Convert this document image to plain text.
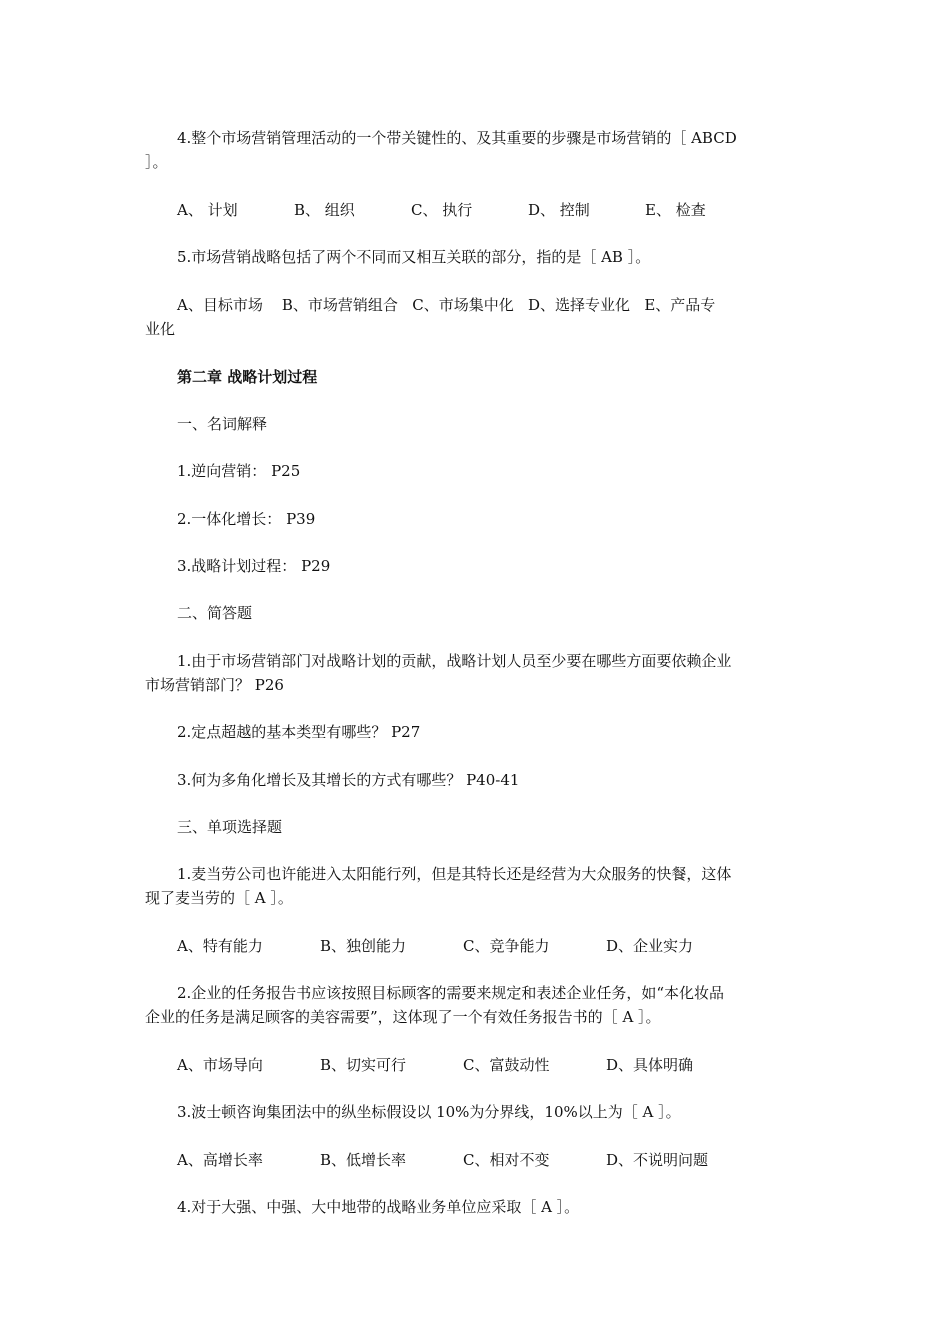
4.整个市场营销管理活动的一个带关键性的、及其重要的步骤是市场营销的［ ABCD
］。
A、 计划	B、 组织	C、 执行	D、 控制	E、 检查
5.市场营销战略包括了两个不同而又相互关联的部分，指的是［ AB ］。
A、目标市场    B、市场营销组合   C、市场集中化   D、选择专业化   E、产品专
业化
第二章 战略计划过程
一、名词解释
1.逆向营销： P25
2.一体化增长： P39
3.战略计划过程： P29
二、简答题
1.由于市场营销部门对战略计划的贡献，战略计划人员至少要在哪些方面要依赖企业
市场营销部门？ P26
2.定点超越的基本类型有哪些？ P27
3.何为多角化增长及其增长的方式有哪些？ P40-41
三、单项选择题
1.麦当劳公司也许能进入太阳能行列，但是其特长还是经营为大众服务的快餐，这体
现了麦当劳的［ A ］。
A、特有能力	B、独创能力	C、竞争能力	D、企业实力
2.企业的任务报告书应该按照目标顾客的需要来规定和表述企业任务，如“本化妆品
企业的任务是满足顾客的美容需要”，这体现了一个有效任务报告书的［ A ］。
A、市场导向	B、切实可行	C、富鼓动性	D、具体明确
3.波士顿咨询集团法中的纵坐标假设以 10%为分界线，10%以上为［ A ］。
A、高增长率	B、低增长率	C、相对不变	D、不说明问题
4.对于大强、中强、大中地带的战略业务单位应采取［ A ］。
